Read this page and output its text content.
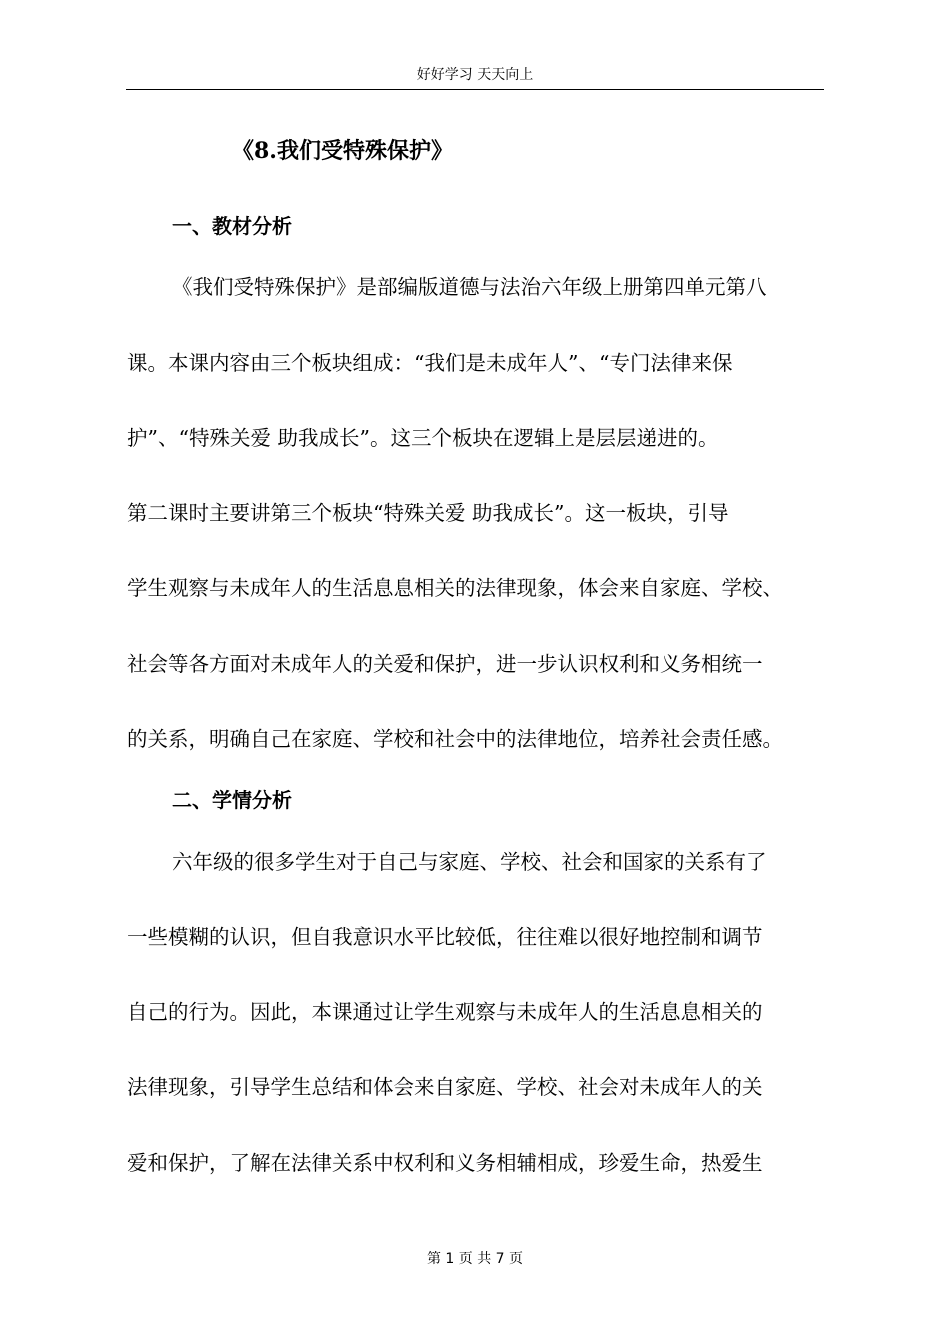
好好学习 天天向上
《8.我们受特殊保护》
一、教材分析
《我们受特殊保护》是部编版道德与法治六年级上册第四单元第八
课。本课内容由三个板块组成：“我们是未成年人”、“专门法律来保
护”、“特殊关爱 助我成长”。这三个板块在逻辑上是层层递进的。
第二课时主要讲第三个板块“特殊关爱 助我成长”。这一板块，引导
学生观察与未成年人的生活息息相关的法律现象，体会来自家庭、学校、
社会等各方面对未成年人的关爱和保护，进一步认识权利和义务相统一
的关系，明确自己在家庭、学校和社会中的法律地位，培养社会责任感。
二、学情分析
六年级的很多学生对于自己与家庭、学校、社会和国家的关系有了
一些模糊的认识，但自我意识水平比较低，往往难以很好地控制和调节
自己的行为。因此，本课通过让学生观察与未成年人的生活息息相关的
法律现象，引导学生总结和体会来自家庭、学校、社会对未成年人的关
爱和保护，了解在法律关系中权利和义务相辅相成，珍爱生命，热爱生
第 1 页 共 7 页
